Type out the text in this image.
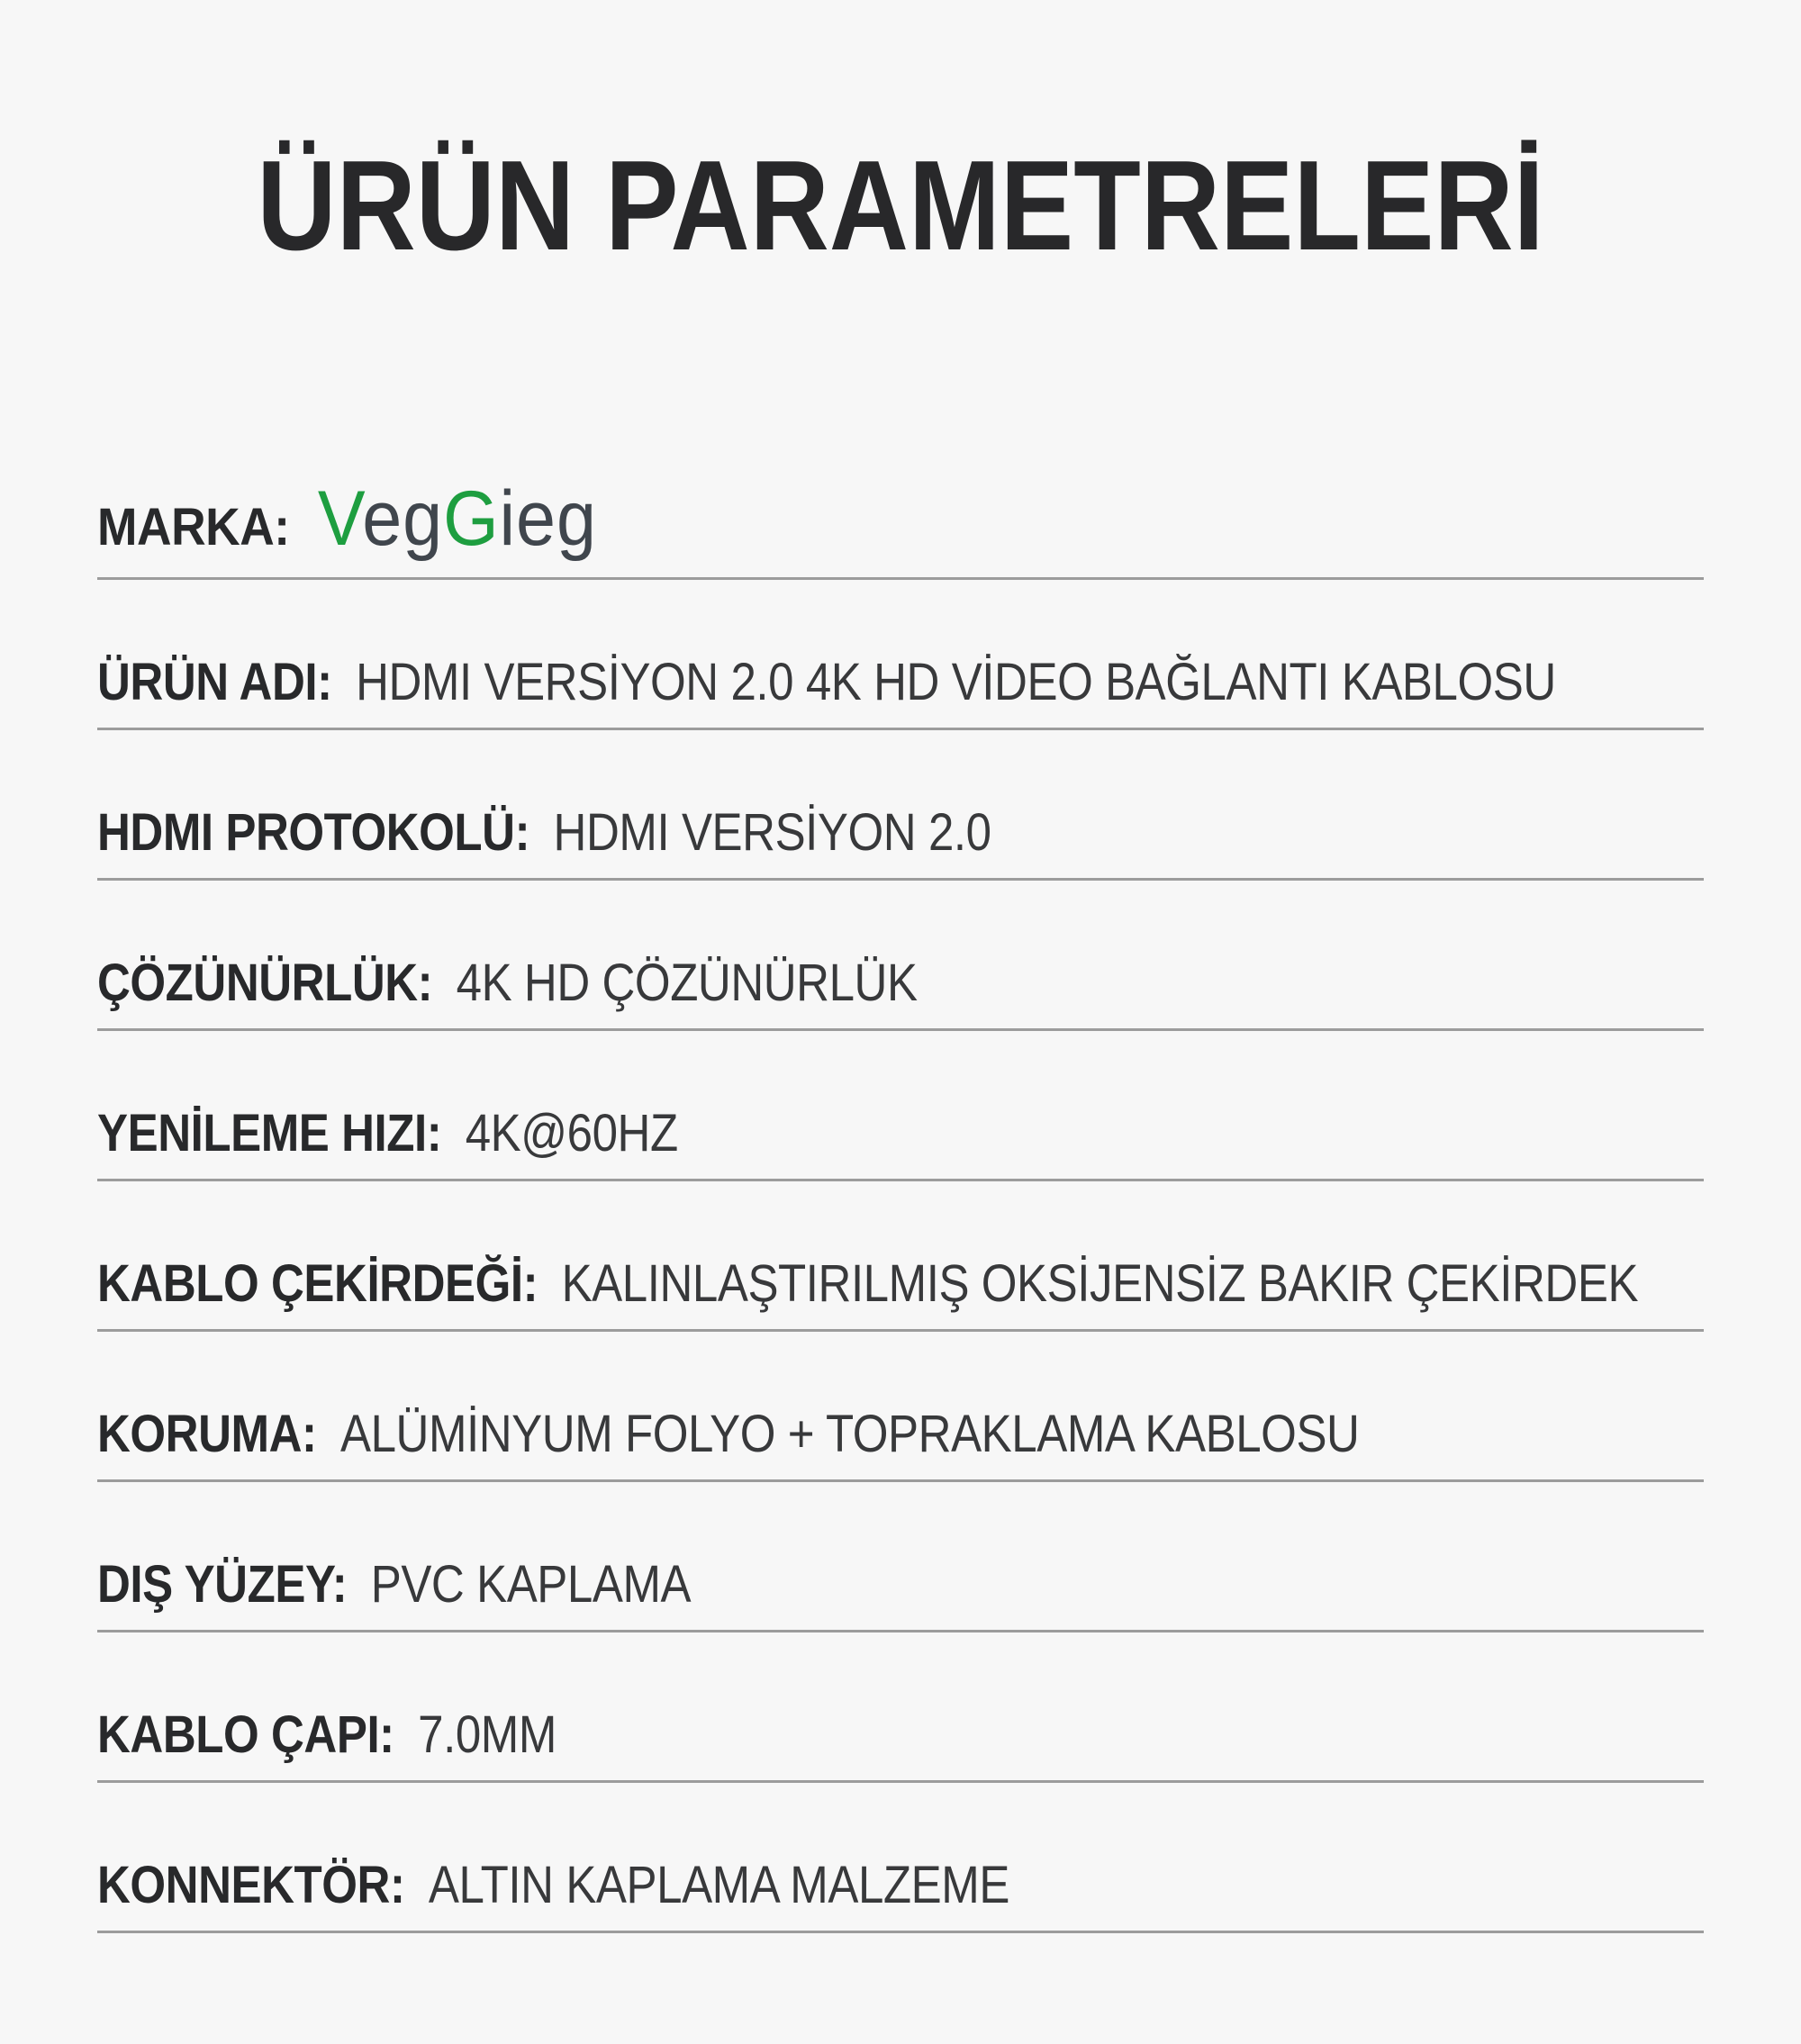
ÜRÜN PARAMETRELERİ
MARKA: VegGieg
ÜRÜN ADI: HDMI VERSİYON 2.0 4K HD VİDEO BAĞLANTI KABLOSU
HDMI PROTOKOLÜ: HDMI VERSİYON 2.0
ÇÖZÜNÜRLÜK: 4K HD ÇÖZÜNÜRLÜK
YENİLEME HIZI: 4K@60HZ
KABLO ÇEKİRDEĞİ: KALINLAŞTIRILMIŞ OKSİJENSİZ BAKIR ÇEKİRDEK
KORUMA: ALÜMİNYUM FOLYO + TOPRAKLAMA KABLOSU
DIŞ YÜZEY: PVC KAPLAMA
KABLO ÇAPI: 7.0MM
KONNEKTÖR: ALTIN KAPLAMA MALZEME
